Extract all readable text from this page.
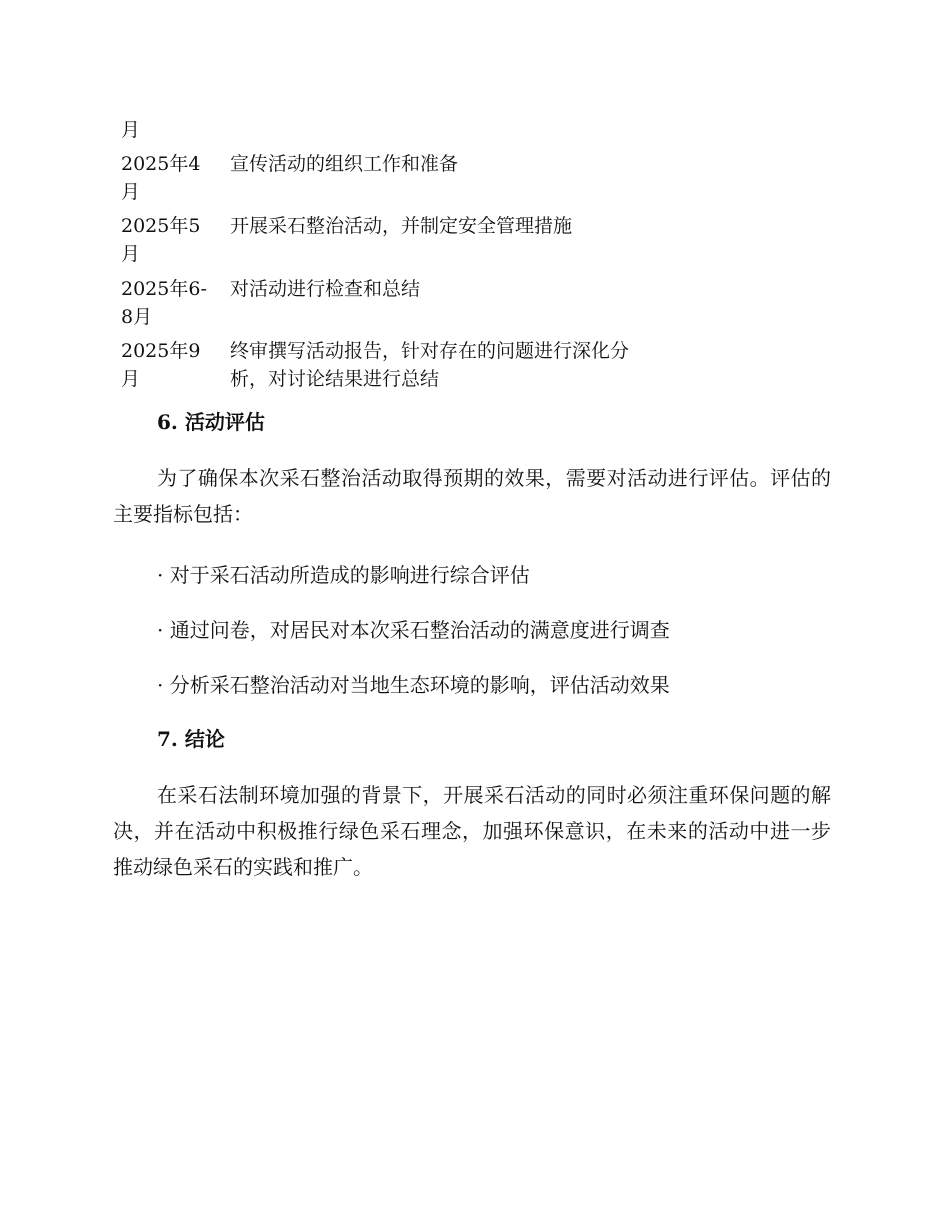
月
2025年4月
宣传活动的组织工作和准备
2025年5月
开展采石整治活动，并制定安全管理措施
2025年6-8月
对活动进行检查和总结
2025年9月
终审撰写活动报告，针对存在的问题进行深化分析，对讨论结果进行总结
6. 活动评估
为了确保本次采石整治活动取得预期的效果，需要对活动进行评估。评估的主要指标包括：
· 对于采石活动所造成的影响进行综合评估
· 通过问卷，对居民对本次采石整治活动的满意度进行调查
· 分析采石整治活动对当地生态环境的影响，评估活动效果
7. 结论
在采石法制环境加强的背景下，开展采石活动的同时必须注重环保问题的解决，并在活动中积极推行绿色采石理念，加强环保意识，在未来的活动中进一步推动绿色采石的实践和推广。
